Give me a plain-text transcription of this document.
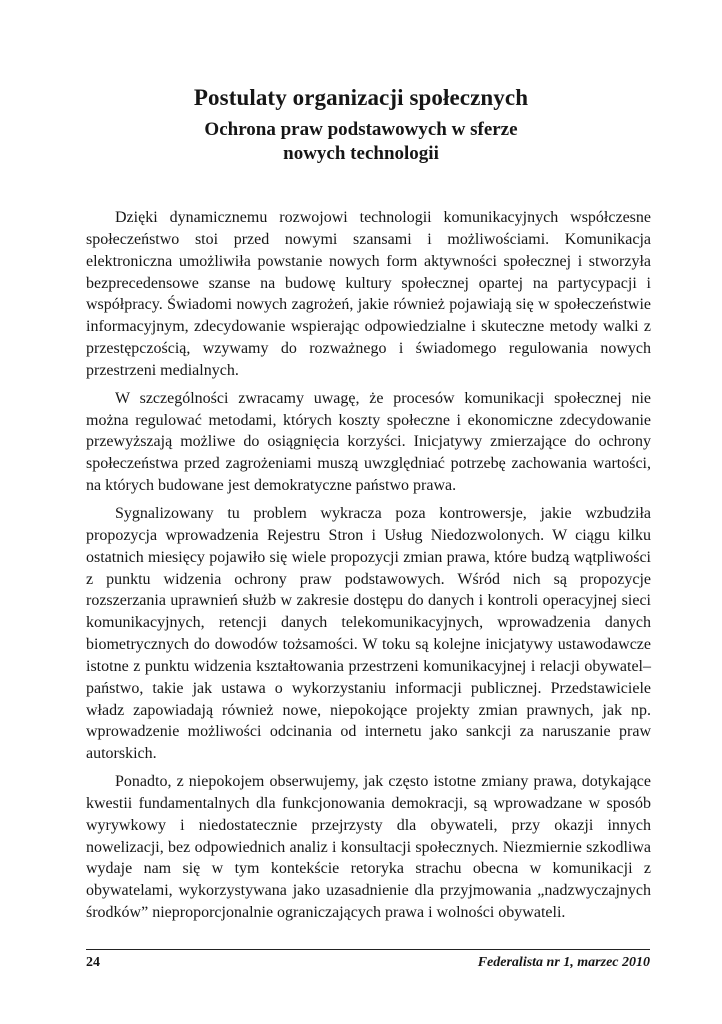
Postulaty organizacji społecznych
Ochrona praw podstawowych w sferze nowych technologii

Dzięki dynamicznemu rozwojowi technologii komunikacyjnych współczesne społeczeństwo stoi przed nowymi szansami i możliwościami. Komunikacja elektroniczna umożliwiła powstanie nowych form aktywności społecznej i stworzyła bezprecedensowe szanse na budowę kultury społecznej opartej na partycypacji i współpracy. Świadomi nowych zagrożeń, jakie również pojawiają się w społeczeństwie informacyjnym, zdecydowanie wspierając odpowiedzialne i skuteczne metody walki z przestępczością, wzywamy do rozważnego i świadomego regulowania nowych przestrzeni medialnych.

W szczególności zwracamy uwagę, że procesów komunikacji społecznej nie można regulować metodami, których koszty społeczne i ekonomiczne zdecydowanie przewyższają możliwe do osiągnięcia korzyści. Inicjatywy zmierzające do ochrony społeczeństwa przed zagrożeniami muszą uwzględniać potrzebę zachowania wartości, na których budowane jest demokratyczne państwo prawa.

Sygnalizowany tu problem wykracza poza kontrowersje, jakie wzbudziła propozycja wprowadzenia Rejestru Stron i Usług Niedozwolonych. W ciągu kilku ostatnich miesięcy pojawiło się wiele propozycji zmian prawa, które budzą wątpliwości z punktu widzenia ochrony praw podstawowych. Wśród nich są propozycje rozszerzania uprawnień służb w zakresie dostępu do danych i kontroli operacyjnej sieci komunikacyjnych, retencji danych telekomunikacyjnych, wprowadzenia danych biometrycznych do dowodów tożsamości. W toku są kolejne inicjatywy ustawodawcze istotne z punktu widzenia kształtowania przestrzeni komunikacyjnej i relacji obywatel–państwo, takie jak ustawa o wykorzystaniu informacji publicznej. Przedstawiciele władz zapowiadają również nowe, niepokojące projekty zmian prawnych, jak np. wprowadzenie możliwości odcinania od internetu jako sankcji za naruszanie praw autorskich.

Ponadto, z niepokojem obserwujemy, jak często istotne zmiany prawa, dotykające kwestii fundamentalnych dla funkcjonowania demokracji, są wprowadzane w sposób wyrywkowy i niedostatecznie przejrzysty dla obywateli, przy okazji innych nowelizacji, bez odpowiednich analiz i konsultacji społecznych. Niezmiernie szkodliwa wydaje nam się w tym kontekście retoryka strachu obecna w komunikacji z obywatelami, wykorzystywana jako uzasadnienie dla przyjmowania „nadzwyczajnych środków” nieproporcjonalnie ograniczających prawa i wolności obywateli.

24	Federalista nr 1, marzec 2010
